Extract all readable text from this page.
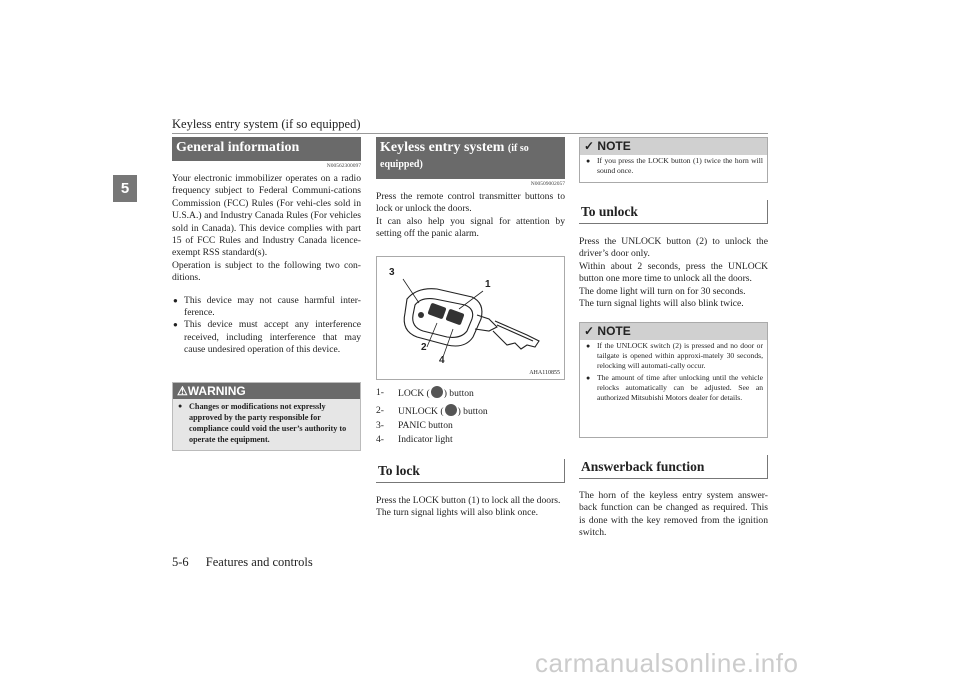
Keyless entry system (if so equipped)
5
General information
N00562300097

Your electronic immobilizer operates on a radio frequency subject to Federal Communi-cations Commission (FCC) Rules (For vehi-cles sold in U.S.A.) and Industry Canada Rules (For vehicles sold in Canada). This device complies with part 15 of FCC Rules and Industry Canada licence-exempt RSS standard(s).

Operation is subject to the following two con-ditions.

● This device may not cause harmful inter-ference.

● This device must accept any interference received, including interference that may cause undesired operation of this device.

⚠WARNING
● Changes or modifications not expressly approved by the party responsible for compliance could void the user’s authority to operate the equipment.
Keyless entry system (if so
equipped)
N00509002057

Press the remote control transmitter buttons to lock or unlock the doors.

It can also help you signal for attention by setting off the panic alarm.

3
1
2
4
AHA110855
1- LOCK ( ) button
2- UNLOCK ( ) button
3- PANIC button
4- Indicator light
To lock

Press the LOCK button (1) to lock all the doors.

The turn signal lights will also blink once.

✓ NOTE
● If you press the LOCK button (1) twice the horn will sound once.
To unlock

Press the UNLOCK button (2) to unlock the driver’s door only.

Within about 2 seconds, press the UNLOCK button one more time to unlock all the doors.

The dome light will turn on for 30 seconds.

The turn signal lights will also blink twice.

✓ NOTE
● If the UNLOCK switch (2) is pressed and no door or tailgate is opened within approxi-mately 30 seconds, relocking will automati-cally occur.
● The amount of time after unlocking until the vehicle relocks automatically can be adjusted. See an authorized Mitsubishi Motors dealer for details.
Answerback function

The horn of the keyless entry system answer-back function can be changed as required. This is done with the key removed from the ignition switch.

5-6 Features and controls
carmanualsonline.info
